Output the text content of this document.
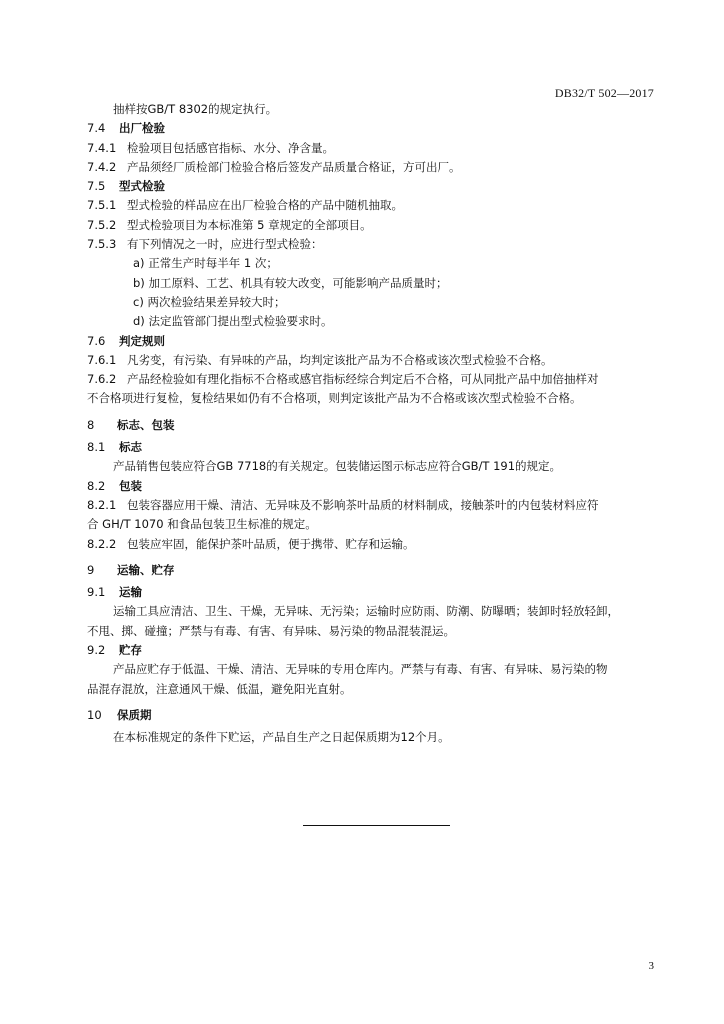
DB32/T 502—2017
抽样按GB/T 8302的规定执行。
7.4 出厂检验
7.4.1 检验项目包括感官指标、水分、净含量。
7.4.2 产品须经厂质检部门检验合格后签发产品质量合格证，方可出厂。
7.5 型式检验
7.5.1 型式检验的样品应在出厂检验合格的产品中随机抽取。
7.5.2 型式检验项目为本标准第 5 章规定的全部项目。
7.5.3 有下列情况之一时，应进行型式检验：
a) 正常生产时每半年 1 次；
b) 加工原料、工艺、机具有较大改变，可能影响产品质量时；
c) 两次检验结果差异较大时；
d) 法定监管部门提出型式检验要求时。
7.6 判定规则
7.6.1 凡劣变，有污染、有异味的产品，均判定该批产品为不合格或该次型式检验不合格。
7.6.2 产品经检验如有理化指标不合格或感官指标经综合判定后不合格，可从同批产品中加倍抽样对
不合格项进行复检，复检结果如仍有不合格项，则判定该批产品为不合格或该次型式检验不合格。
8 标志、包装
8.1 标志
产品销售包装应符合GB 7718的有关规定。包装储运图示标志应符合GB/T 191的规定。
8.2 包装
8.2.1 包装容器应用干燥、清洁、无异味及不影响茶叶品质的材料制成，接触茶叶的内包装材料应符
合 GH/T 1070 和食品包装卫生标准的规定。
8.2.2 包装应牢固，能保护茶叶品质，便于携带、贮存和运输。
9 运输、贮存
9.1 运输
运输工具应清洁、卫生、干燥，无异味、无污染；运输时应防雨、防潮、防曝晒；装卸时轻放轻卸，
不甩、掷、碰撞；严禁与有毒、有害、有异味、易污染的物品混装混运。
9.2 贮存
产品应贮存于低温、干燥、清洁、无异味的专用仓库内。严禁与有毒、有害、有异味、易污染的物
品混存混放，注意通风干燥、低温，避免阳光直射。
10 保质期
在本标准规定的条件下贮运，产品自生产之日起保质期为12个月。
3
